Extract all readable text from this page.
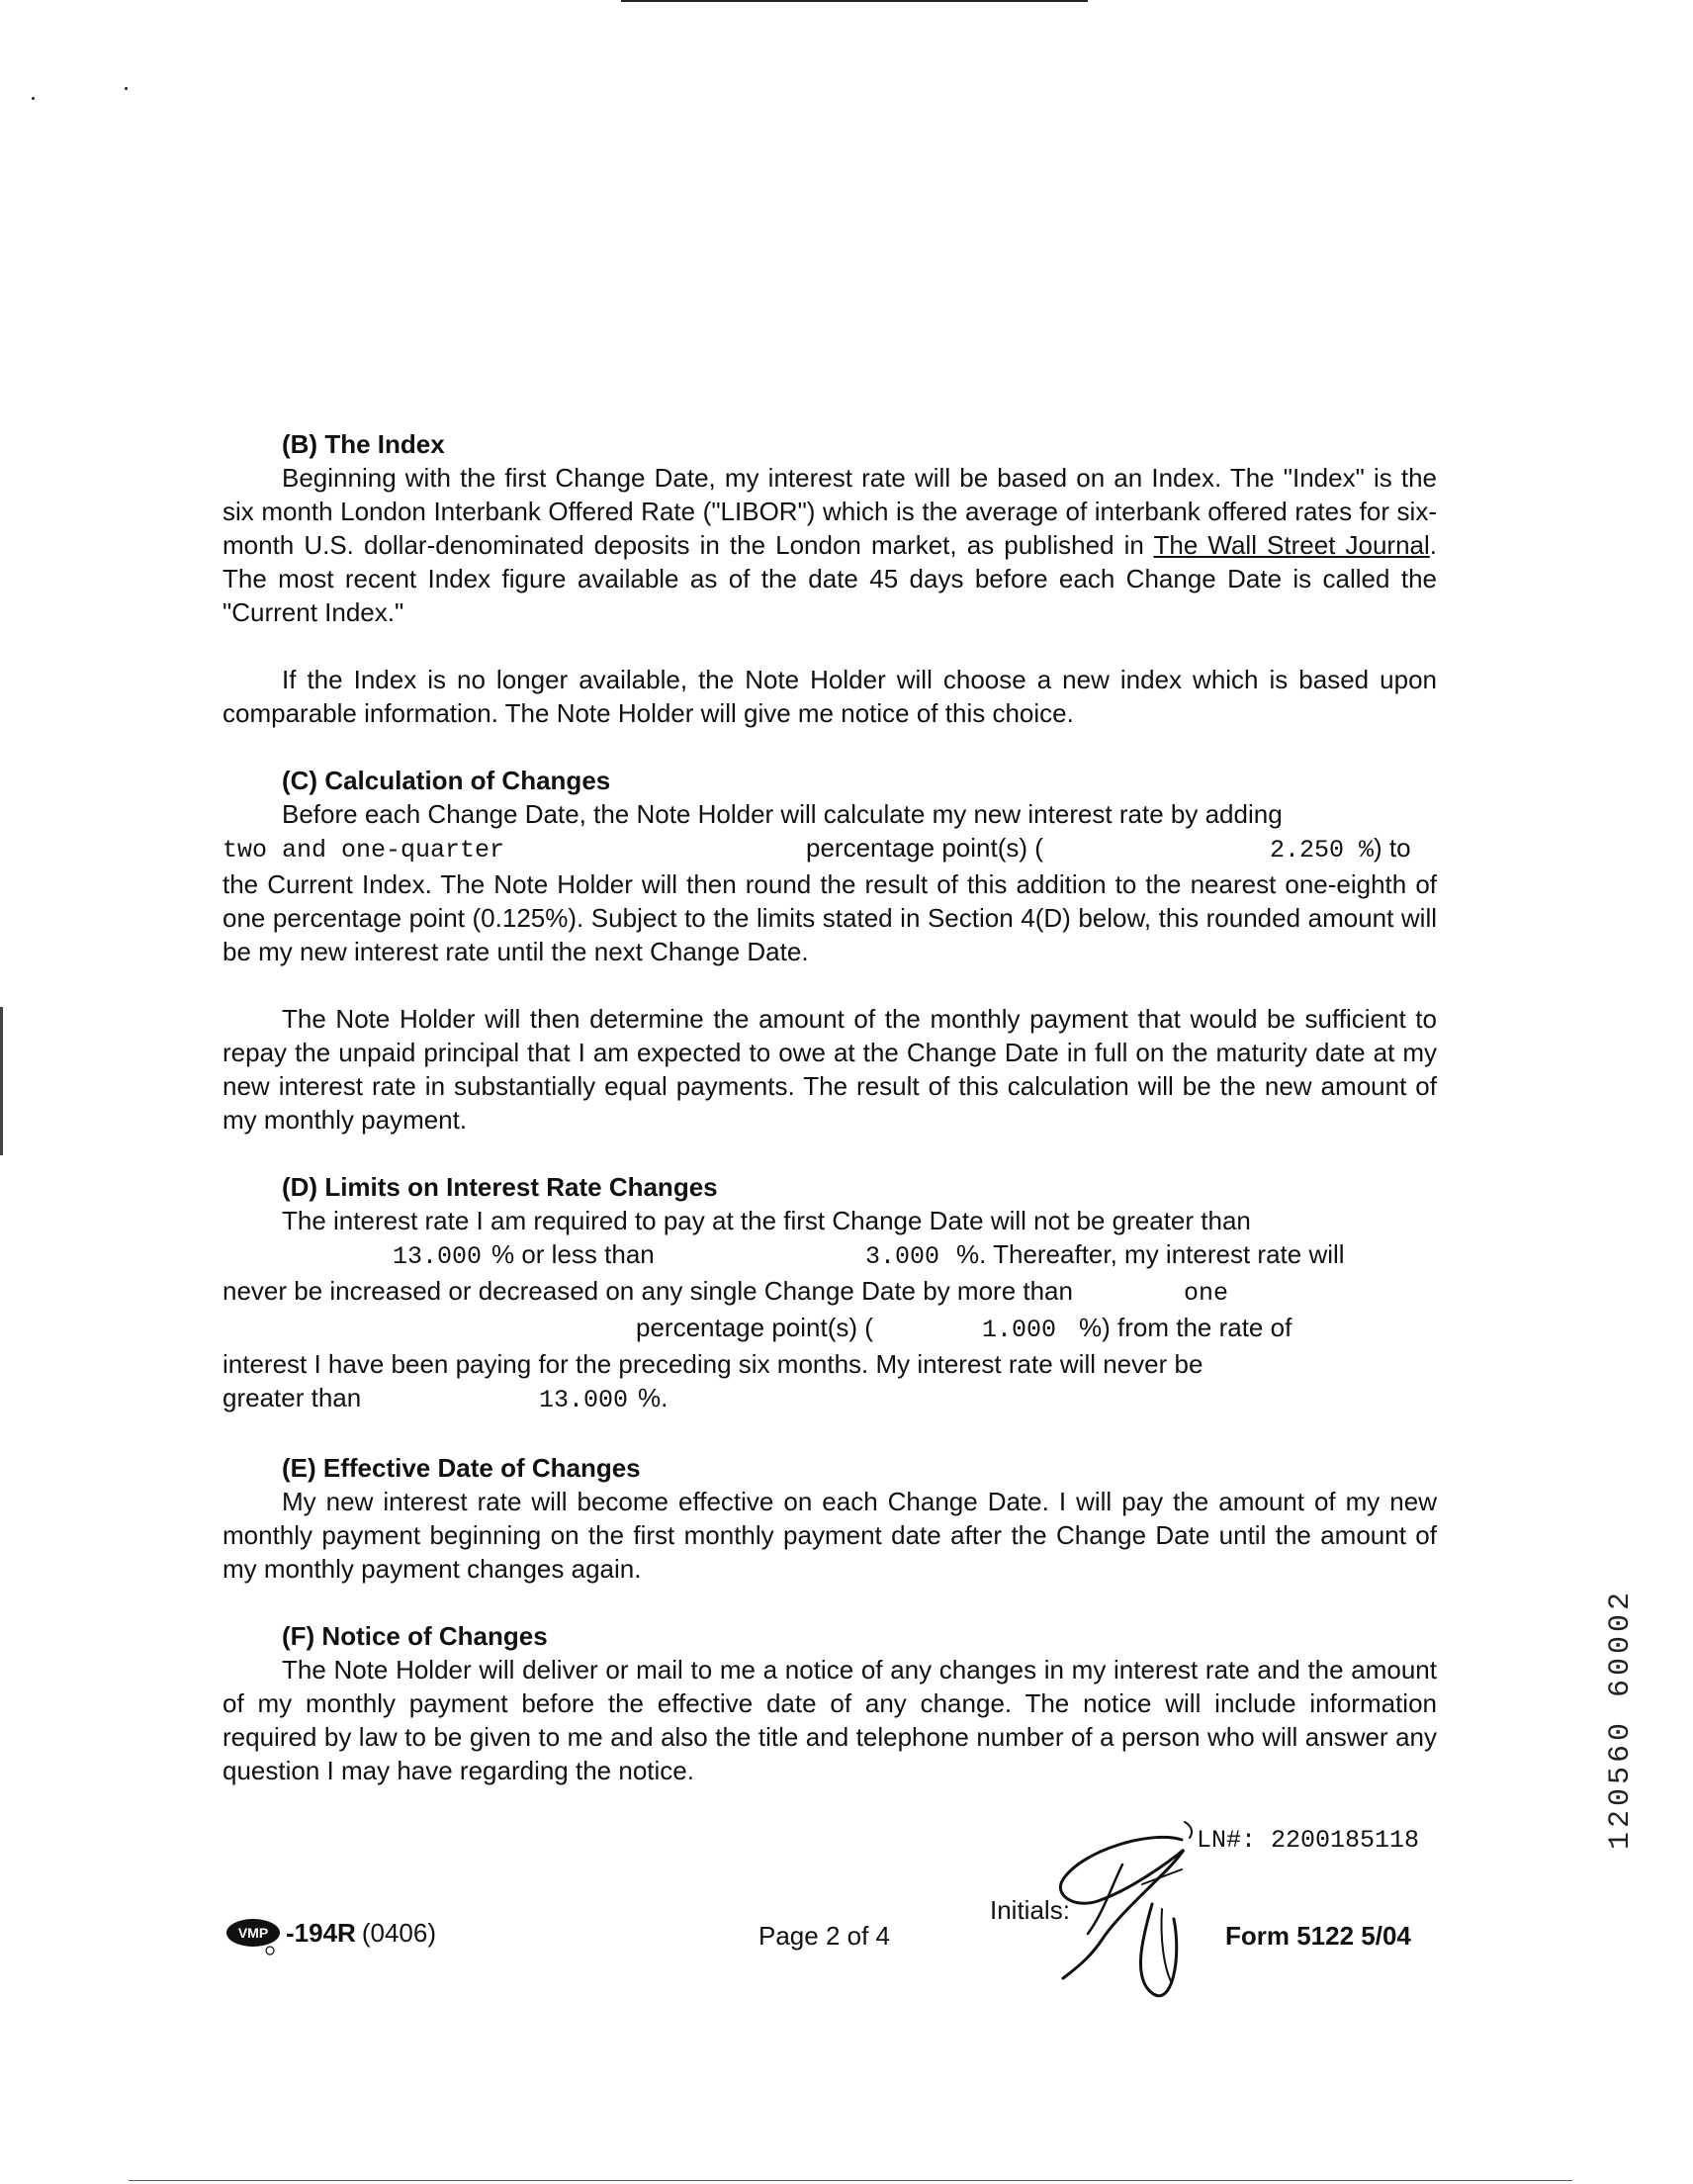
(B) The Index

Beginning with the first Change Date, my interest rate will be based on an Index. The "Index" is the six month London Interbank Offered Rate ("LIBOR") which is the average of interbank offered rates for six-month U.S. dollar-denominated deposits in the London market, as published in The Wall Street Journal. The most recent Index figure available as of the date 45 days before each Change Date is called the "Current Index."

If the Index is no longer available, the Note Holder will choose a new index which is based upon comparable information. The Note Holder will give me notice of this choice.

(C) Calculation of Changes

Before each Change Date, the Note Holder will calculate my new interest rate by adding

two and one-quarter	percentage point(s) (	2.250 % ) to

the Current Index. The Note Holder will then round the result of this addition to the nearest one-eighth of one percentage point (0.125%). Subject to the limits stated in Section 4(D) below, this rounded amount will be my new interest rate until the next Change Date.

The Note Holder will then determine the amount of the monthly payment that would be sufficient to repay the unpaid principal that I am expected to owe at the Change Date in full on the maturity date at my new interest rate in substantially equal payments. The result of this calculation will be the new amount of my monthly payment.

(D) Limits on Interest Rate Changes

The interest rate I am required to pay at the first Change Date will not be greater than

13.000 % or less than	3.000 %. Thereafter, my interest rate will
never be increased or decreased on any single Change Date by more than	one
percentage point(s) (	1.000 %) from the rate of

interest I have been paying for the preceding six months. My interest rate will never be

greater than	13.000 %.
(E) Effective Date of Changes

My new interest rate will become effective on each Change Date. I will pay the amount of my new monthly payment beginning on the first monthly payment date after the Change Date until the amount of my monthly payment changes again.

(F) Notice of Changes

The Note Holder will deliver or mail to me a notice of any changes in my interest rate and the amount of my monthly payment before the effective date of any change. The notice will include information required by law to be given to me and also the title and telephone number of a person who will answer any question I may have regarding the notice.

LN#: 2200185118
VMP -194R (0406)	Page 2 of 4
Initials:
Form 5122 5/04
120560 60002
